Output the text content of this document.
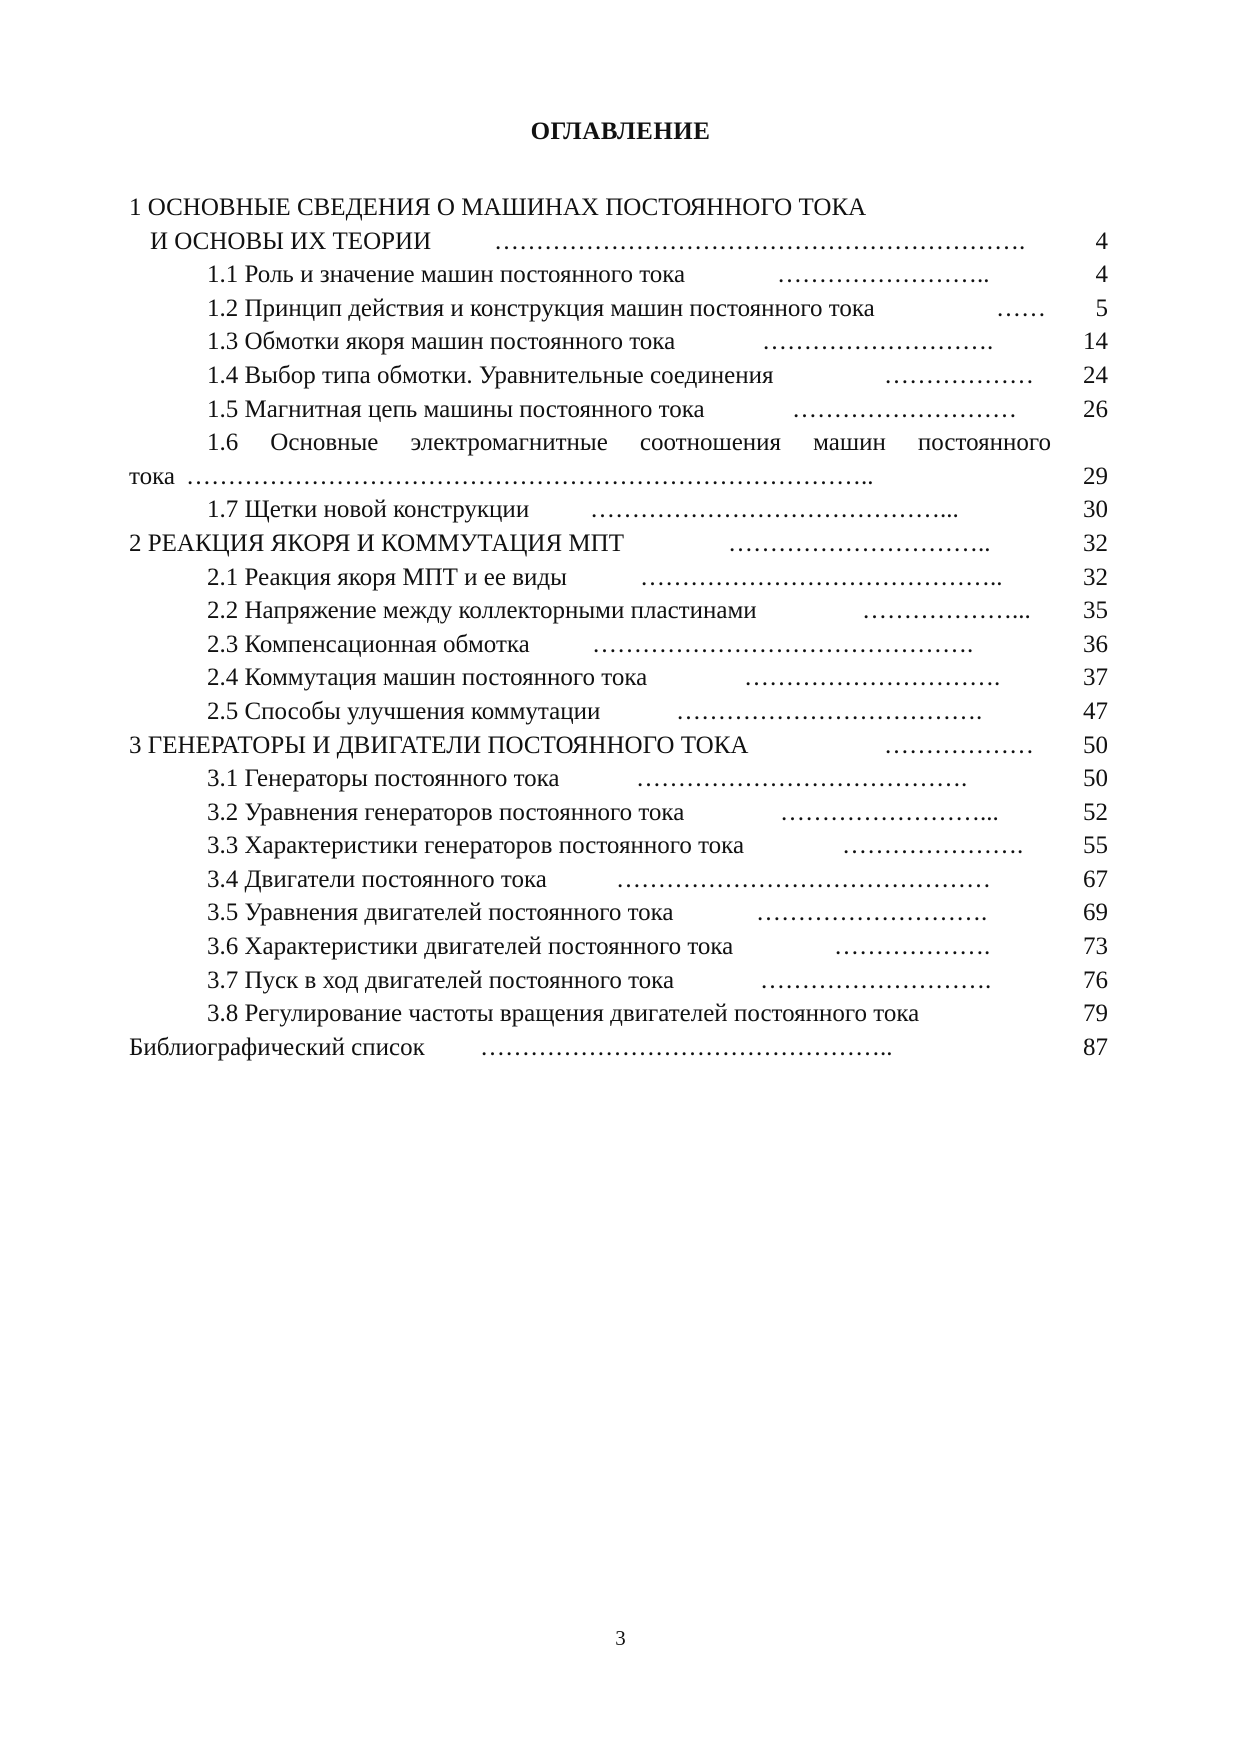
ОГЛАВЛЕНИЕ
1 ОСНОВНЫЕ СВЕДЕНИЯ О МАШИНАХ ПОСТОЯННОГО ТОКА
И ОСНОВЫ ИХ ТЕОРИИ	……………………………………………………….	4
1.1 Роль и значение машин постоянного тока	……………………..	4
1.2 Принцип действия и конструкция машин постоянного тока	……	5
1.3 Обмотки якоря машин постоянного тока	……………………….	14
1.4 Выбор типа обмотки. Уравнительные соединения	………………	24
1.5 Магнитная цепь машины постоянного тока	………………………	26
1.6 Основные электромагнитные соотношения машин постоянного
тока ………………………………………………………………………..	29
1.7 Щетки новой конструкции ……………………………………...	30
2 РЕАКЦИЯ ЯКОРЯ И КОММУТАЦИЯ МПТ	…………………………..	32
2.1 Реакция якоря МПТ и ее виды	……………………………………..	32
2.2 Напряжение между коллекторными пластинами	………………...	35
2.3 Компенсационная обмотка ……………………………………….	36
2.4 Коммутация машин постоянного тока	………………………….	37
2.5 Способы улучшения коммутации	……………………………….	47
3 ГЕНЕРАТОРЫ И ДВИГАТЕЛИ ПОСТОЯННОГО ТОКА	………………	50
3.1 Генераторы постоянного тока	………………………………….	50
3.2 Уравнения генераторов постоянного тока	……………………...	52
3.3 Характеристики генераторов постоянного тока	………………….	55
3.4 Двигатели постоянного тока	………………………………………	67
3.5 Уравнения двигателей постоянного тока	……………………….	69
3.6 Характеристики двигателей постоянного тока	……………….	73
3.7 Пуск в ход двигателей постоянного тока	……………………….	76
3.8 Регулирование частоты вращения двигателей постоянного тока	79
Библиографический список …………………………………………..	87
3
